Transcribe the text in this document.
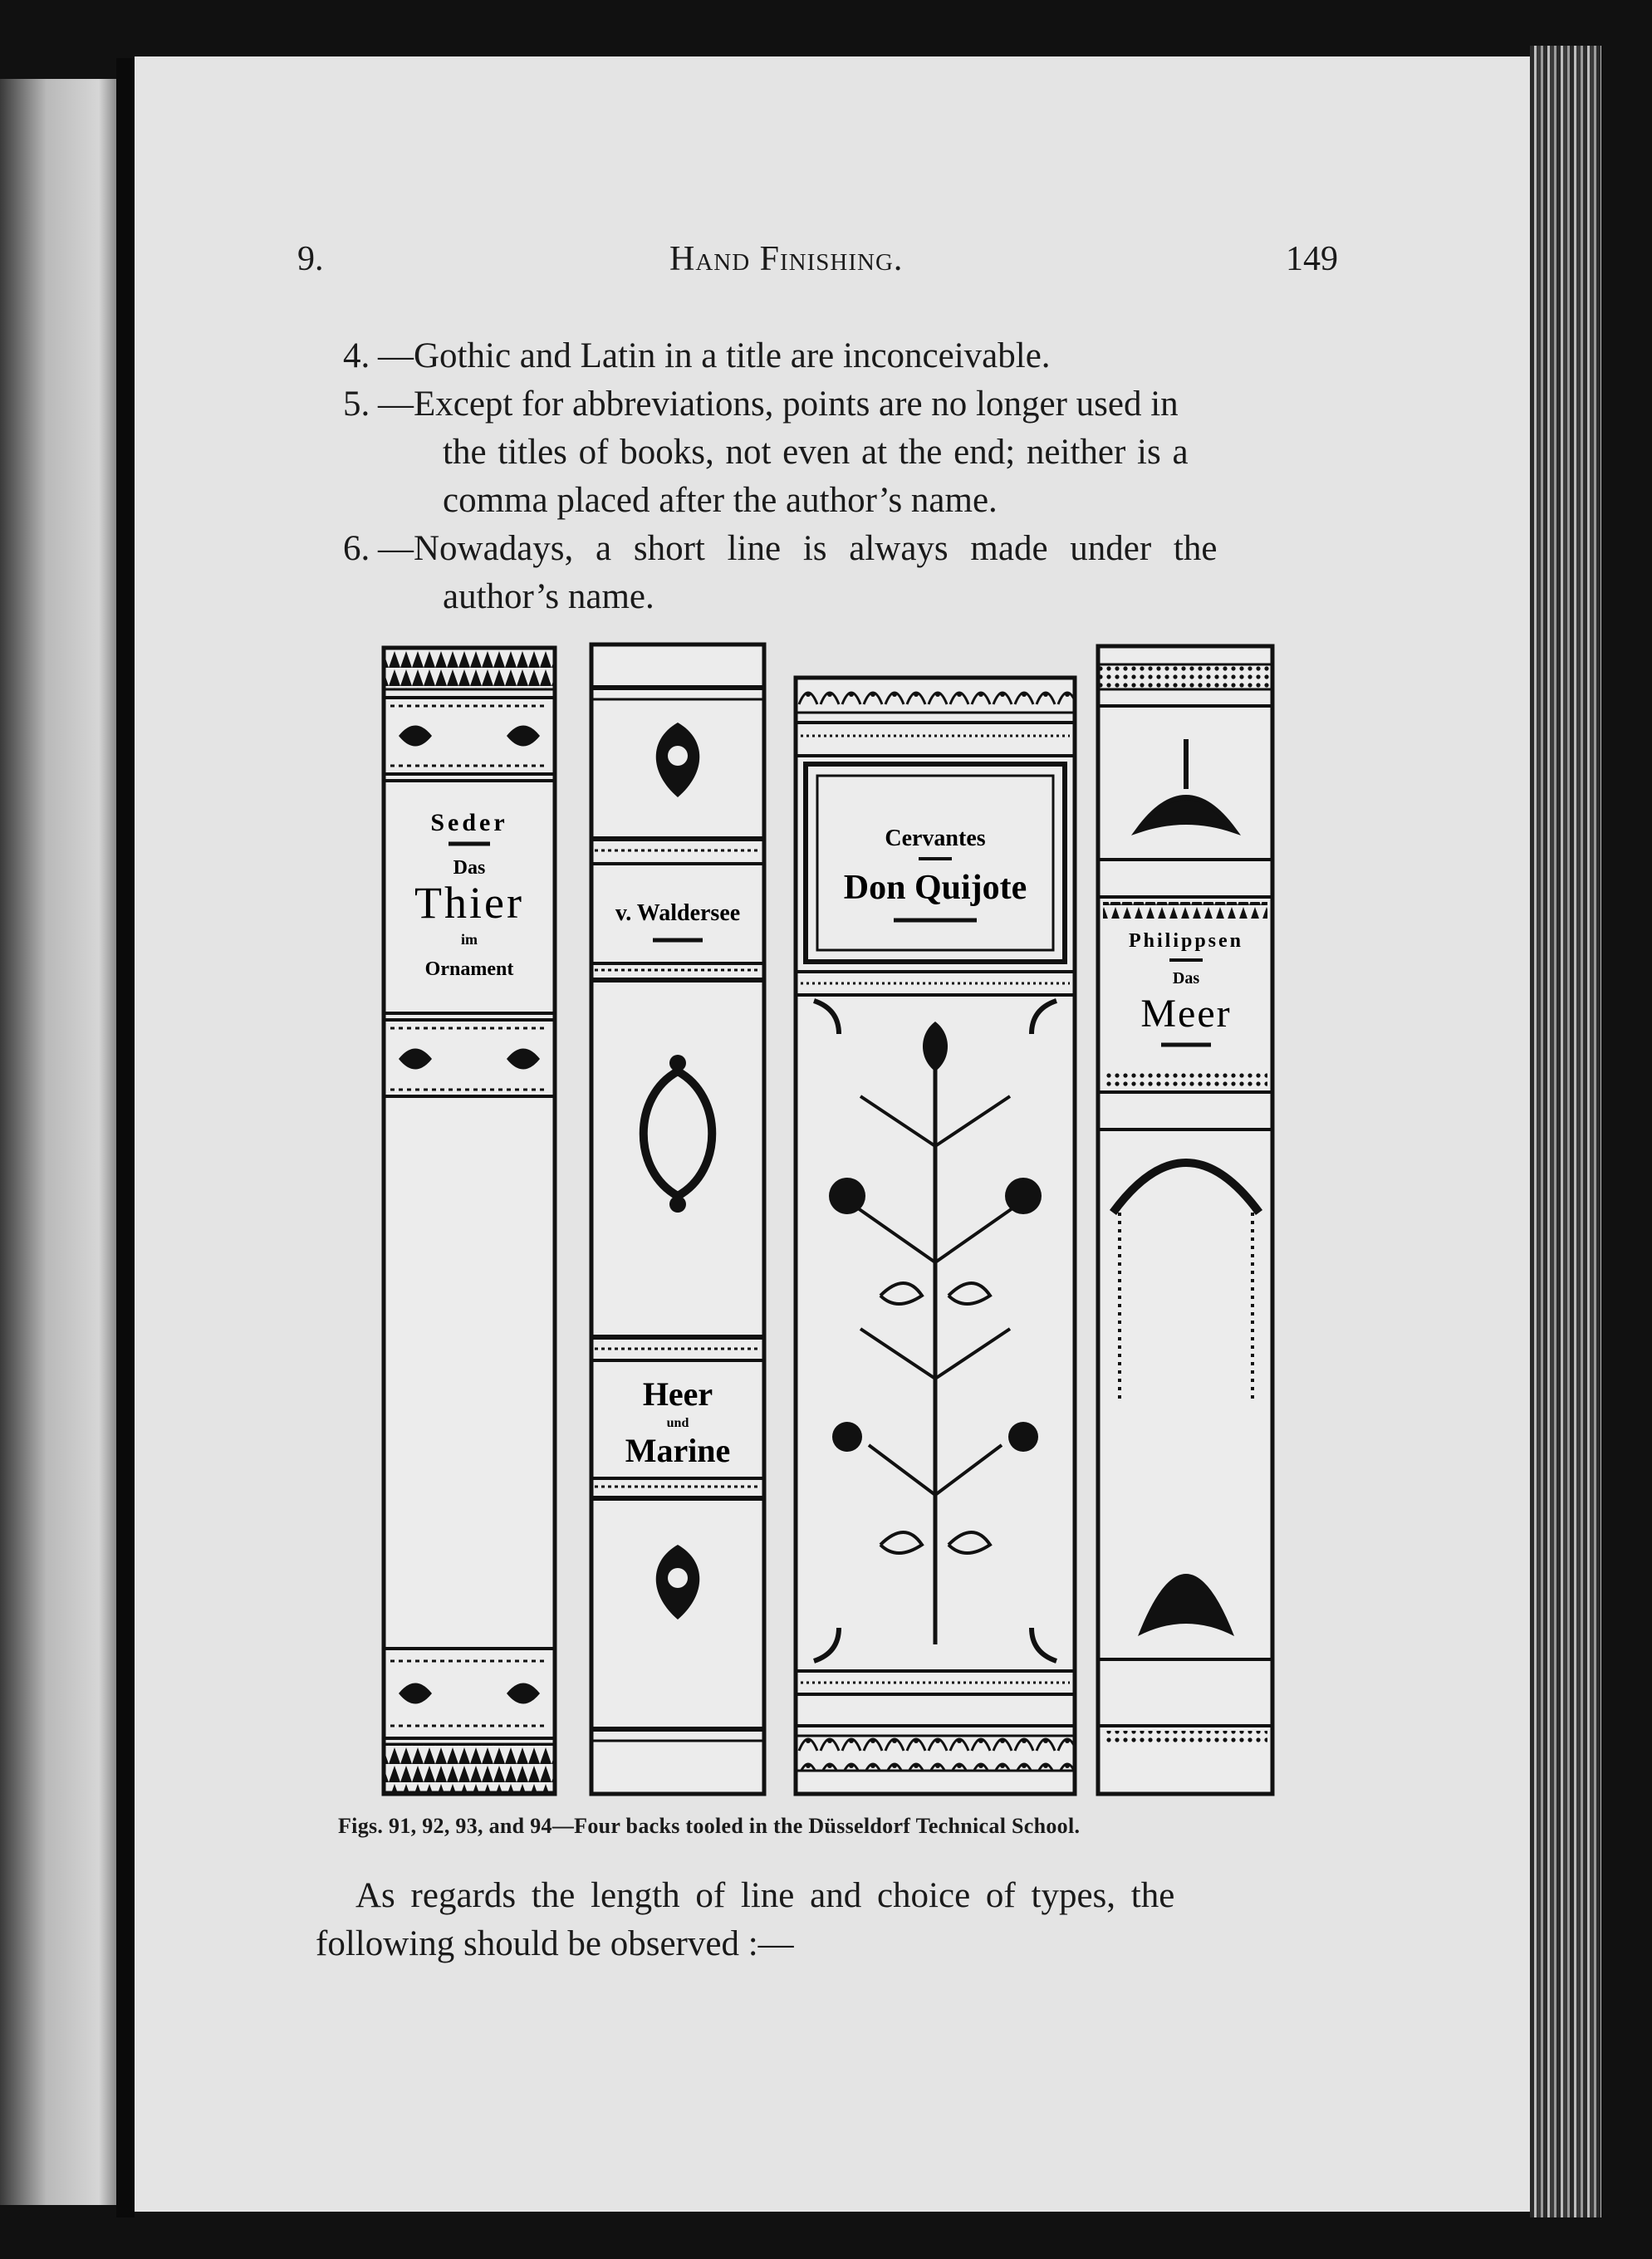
9.	Hand Finishing.	149
4. —Gothic and Latin in a title are inconceivable.
5. —Except for abbreviations, points are no longer used in
the titles of books, not even at the end; neither is a
comma placed after the author’s name.
6. —Nowadays, a short line is always made under the
author’s name.
Seder
Das
Thier
im
Ornament
v. Waldersee
Heer
und
Marine
Cervantes
Don Quijote
Philippsen
Das
Meer
Figs. 91, 92, 93, and 94—Four backs tooled in the Düsseldorf Technical School.
As regards the length of line and choice of types, the
following should be observed :—
